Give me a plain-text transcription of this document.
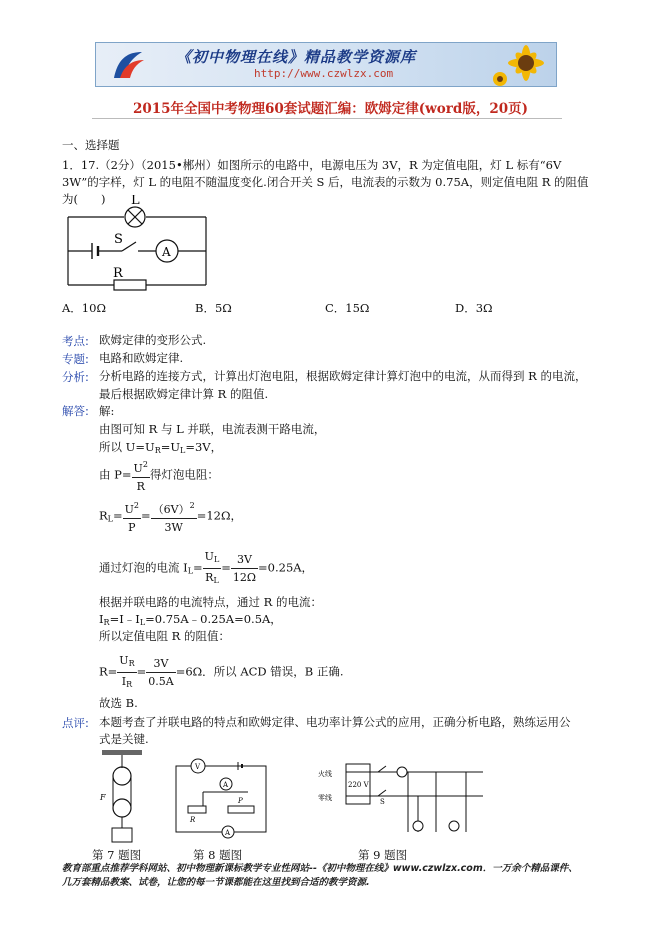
《初中物理在线》精品教学资源库
http://www.czwlzx.com
2015年全国中考物理60套试题汇编：欧姆定律(word版，20页)
一、选择题
1．17.（2分）（2015•郴州）如图所示的电路中，电源电压为 3V，R 为定值电阻，灯 L 标有“6V 3W”的字样，灯 L 的电阻不随温度变化.闭合开关 S 后，电流表的示数为 0.75A，则定值电阻 R 的阻值为(　　)	L
S
A
R
A．10Ω	B．5Ω	C．15Ω	D．3Ω
考点: 欧姆定律的变形公式.
专题: 电路和欧姆定律.
分析: 分析电路的连接方式，计算出灯泡电阻，根据欧姆定律计算灯泡中的电流，从而得到 R 的电流，
最后根据欧姆定律计算 R 的阻值.
解答: 解:
由图可知 R 与 L 并联，电流表测干路电流，
所以 $U=U_R=U_L=3V$，
由 $P= \frac{U^2}{R}$ 得灯泡电阻：
$R_L= \frac{U^2}{P} = \frac{(6V)^2}{3W} =12\Omega$，
通过灯泡的电流 $I_L= \frac{U_L}{R_L} = \frac{3V}{12\Omega} =0.25A$，
根据并联电路的电流特点，通过 R 的电流：
$I_R=I﹣I_L=0.75A﹣0.25A=0.5A$，
所以定值电阻 R 的阻值：
$R= \frac{U_R}{I_R} = \frac{3V}{0.5A} =6\Omega$．所以 ACD 错误，B 正确.
故选 B.
点评: 本题考查了并联电路的特点和欧姆定律、电功率计算公式的应用，正确分析电路，熟练运用公
式是关键.
F
V
A
R
P
A
火线
零线
220 V
S
第 7 题图	第 8 题图	第 9 题图
教育部重点推荐学科网站、初中物理新课标教学专业性网站--《初中物理在线》www.czwlzx.com．一万余个精品课件、
几万套精品教案、试卷，让您的每一节课都能在这里找到合适的教学资源.
